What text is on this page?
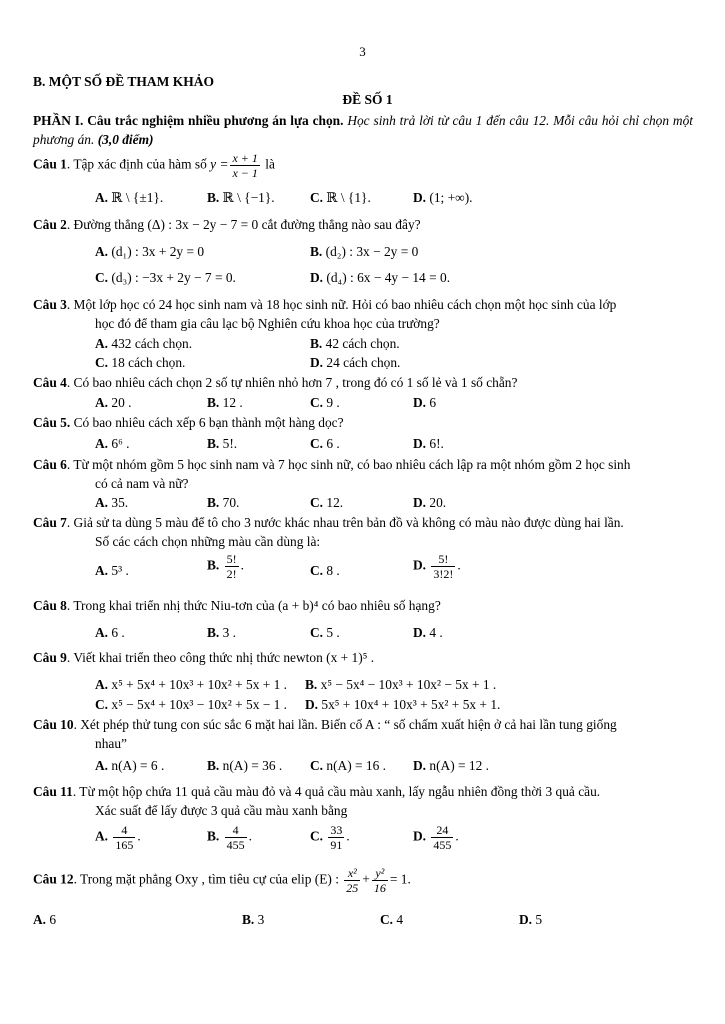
3
B. MỘT SỐ ĐỀ THAM KHẢO
ĐỀ SỐ 1
PHẦN I. Câu trắc nghiệm nhiều phương án lựa chọn. Học sinh trả lời từ câu 1 đến câu 12. Mỗi câu hỏi chỉ chọn một phương án. (3,0 điểm)
Câu 1. Tập xác định của hàm số $y = \frac{x + 1}{x - 1}$ là
A. ℝ \ {±1}.	B. ℝ \ {−1}.	C. ℝ \ {1}.	D. (1; +∞).
Câu 2. Đường thẳng (Δ) : 3x − 2y − 7 = 0 cắt đường thẳng nào sau đây?
A. (d₁) : 3x + 2y = 0	B. (d₂) : 3x − 2y = 0
C. (d₃) : −3x + 2y − 7 = 0.	D. (d₄) : 6x − 4y − 14 = 0.
Câu 3. Một lớp học có 24 học sinh nam và 18 học sinh nữ. Hỏi có bao nhiêu cách chọn một học sinh của lớp
học đó để tham gia câu lạc bộ Nghiên cứu khoa học của trường?
A. 432 cách chọn.	B. 42 cách chọn.
C. 18 cách chọn.	D. 24 cách chọn.
Câu 4. Có bao nhiêu cách chọn 2 số tự nhiên nhỏ hơn 7 , trong đó có 1 số lẻ và 1 số chẵn?
A. 20 .	B. 12 .	C. 9 .	D. 6
Câu 5. Có bao nhiêu cách xếp 6 bạn thành một hàng dọc?
A. 6⁶ .	B. 5!.	C. 6 .	D. 6!.
Câu 6. Từ một nhóm gồm 5 học sinh nam và 7 học sinh nữ, có bao nhiêu cách lập ra một nhóm gồm 2 học sinh
có cả nam và nữ?
A. 35.	B. 70.	C. 12.	D. 20.
Câu 7. Giả sử ta dùng 5 màu để tô cho 3 nước khác nhau trên bản đồ và không có màu nào được dùng hai lần.
Số các cách chọn những màu cần dùng là:
A. 5³ .	B. $\frac{5!}{2!}$ .	C. 8 .	D. $\frac{5!}{3!2!}$ .
Câu 8. Trong khai triển nhị thức Niu-tơn của (a + b)⁴ có bao nhiêu số hạng?
A. 6 .	B. 3 .	C. 5 .	D. 4 .
Câu 9. Viết khai triển theo công thức nhị thức newton (x + 1)⁵ .
A. x⁵ + 5x⁴ + 10x³ + 10x² + 5x + 1 . B. x⁵ − 5x⁴ − 10x³ + 10x² − 5x + 1 .
C. x⁵ − 5x⁴ + 10x³ − 10x² + 5x − 1 . D. 5x⁵ + 10x⁴ + 10x³ + 5x² + 5x + 1.
Câu 10. Xét phép thử tung con súc sắc 6 mặt hai lần. Biến cố A : “ số chấm xuất hiện ở cả hai lần tung giống
nhau”
A. n(A) = 6 .	B. n(A) = 36 . C. n(A) = 16 . D. n(A) = 12 .
Câu 11. Từ một hộp chứa 11 quả cầu màu đỏ và 4 quả cầu màu xanh, lấy ngẫu nhiên đồng thời 3 quả cầu.
Xác suất để lấy được 3 quả cầu màu xanh bằng
A. $\frac{4}{165}$ .	B. $\frac{4}{455}$ .	C. $\frac{33}{91}$ .	D. $\frac{24}{455}$ .
Câu 12. Trong mặt phẳng Oxy , tìm tiêu cự của elip (E) : $\frac{\text{x²}}{25} + \frac{\text{y²}}{16} = 1$.
A. 6	B. 3	C. 4	D. 5
